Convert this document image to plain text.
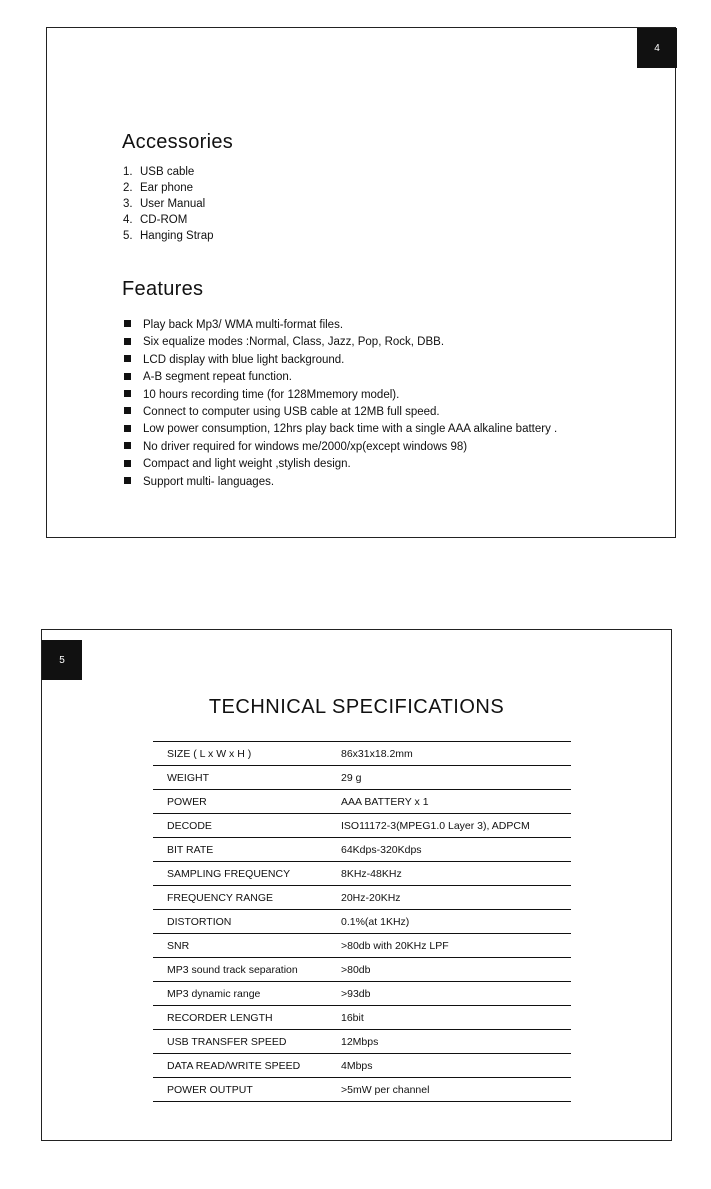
4
Accessories
1. USB cable
2. Ear phone
3. User Manual
4. CD-ROM
5. Hanging Strap
Features
Play back Mp3/ WMA multi-format files.
Six equalize modes :Normal, Class, Jazz, Pop, Rock, DBB.
LCD display with blue light background.
A-B segment repeat function.
10 hours recording time (for 128Mmemory model).
Connect to computer using USB cable at 12MB full speed.
Low power consumption, 12hrs play back time with a single AAA alkaline battery .
No driver required for windows me/2000/xp(except windows 98)
Compact and light weight ,stylish design.
Support multi- languages.
5
TECHNICAL SPECIFICATIONS
SIZE ( L x W x H )	86x31x18.2mm
WEIGHT	29 g
POWER	AAA BATTERY x 1
DECODE	ISO11172-3(MPEG1.0 Layer 3), ADPCM
BIT RATE	64Kdps-320Kdps
SAMPLING FREQUENCY	8KHz-48KHz
FREQUENCY RANGE	20Hz-20KHz
DISTORTION	0.1%(at 1KHz)
SNR	>80db with 20KHz LPF
MP3 sound track separation	>80db
MP3 dynamic range	>93db
RECORDER LENGTH	16bit
USB TRANSFER SPEED	12Mbps
DATA READ/WRITE SPEED	4Mbps
POWER OUTPUT	>5mW per channel
